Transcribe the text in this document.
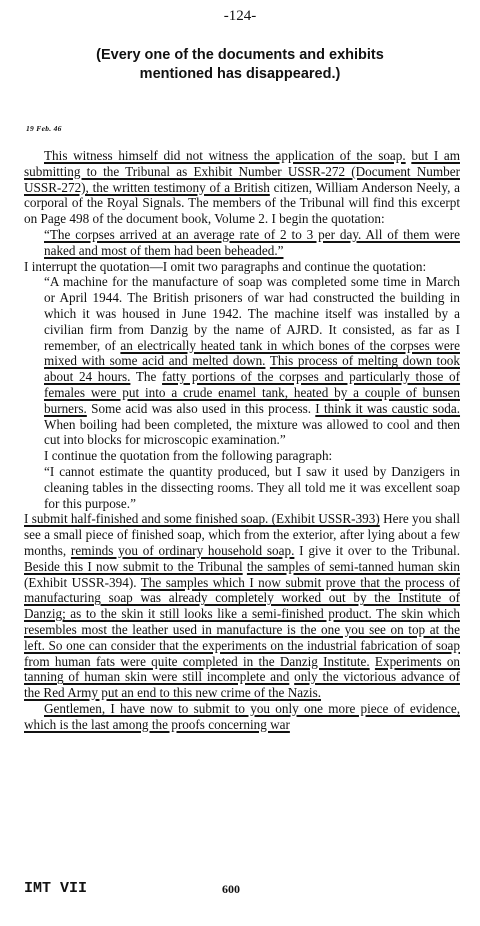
-124-
(Every one of the documents and exhibits
mentioned has disappeared.)
19 Feb. 46

This witness himself did not witness the application of the soap. but I am submitting to the Tribunal as Exhibit Number USSR-272 (Document Number USSR-272), the written testimony of a British citizen, William Anderson Neely, a corporal of the Royal Signals. The members of the Tribunal will find this excerpt on Page 498 of the document book, Volume 2. I begin the quotation:

“The corpses arrived at an average rate of 2 to 3 per day. All of them were naked and most of them had been beheaded.”

I interrupt the quotation—I omit two paragraphs and continue the quotation:

“A machine for the manufacture of soap was completed some time in March or April 1944. The British prisoners of war had constructed the building in which it was housed in June 1942. The machine itself was installed by a civilian firm from Danzig by the name of AJRD. It consisted, as far as I remember, of an electrically heated tank in which bones of the corpses were mixed with some acid and melted down. This process of melting down took about 24 hours. The fatty portions of the corpses and particularly those of females were put into a crude enamel tank, heated by a couple of bunsen burners. Some acid was also used in this process. I think it was caustic soda. When boiling had been completed, the mixture was allowed to cool and then cut into blocks for microscopic examination.”

I continue the quotation from the following paragraph:

“I cannot estimate the quantity produced, but I saw it used by Danzigers in cleaning tables in the dissecting rooms. They all told me it was excellent soap for this purpose.”

I submit half-finished and some finished soap. (Exhibit USSR-393) Here you shall see a small piece of finished soap, which from the exterior, after lying about a few months, reminds you of ordinary household soap. I give it over to the Tribunal. Beside this I now submit to the Tribunal the samples of semi-tanned human skin (Exhibit USSR-394). The samples which I now submit prove that the process of manufacturing soap was already completely worked out by the Institute of Danzig; as to the skin it still looks like a semi-finished product. The skin which resembles most the leather used in manufacture is the one you see on top at the left. So one can consider that the experiments on the industrial fabrication of soap from human fats were quite completed in the Danzig Institute. Experiments on tanning of human skin were still incomplete and only the victorious advance of the Red Army put an end to this new crime of the Nazis.

Gentlemen, I have now to submit to you only one more piece of evidence, which is the last among the proofs concerning war

IMT VII	600
